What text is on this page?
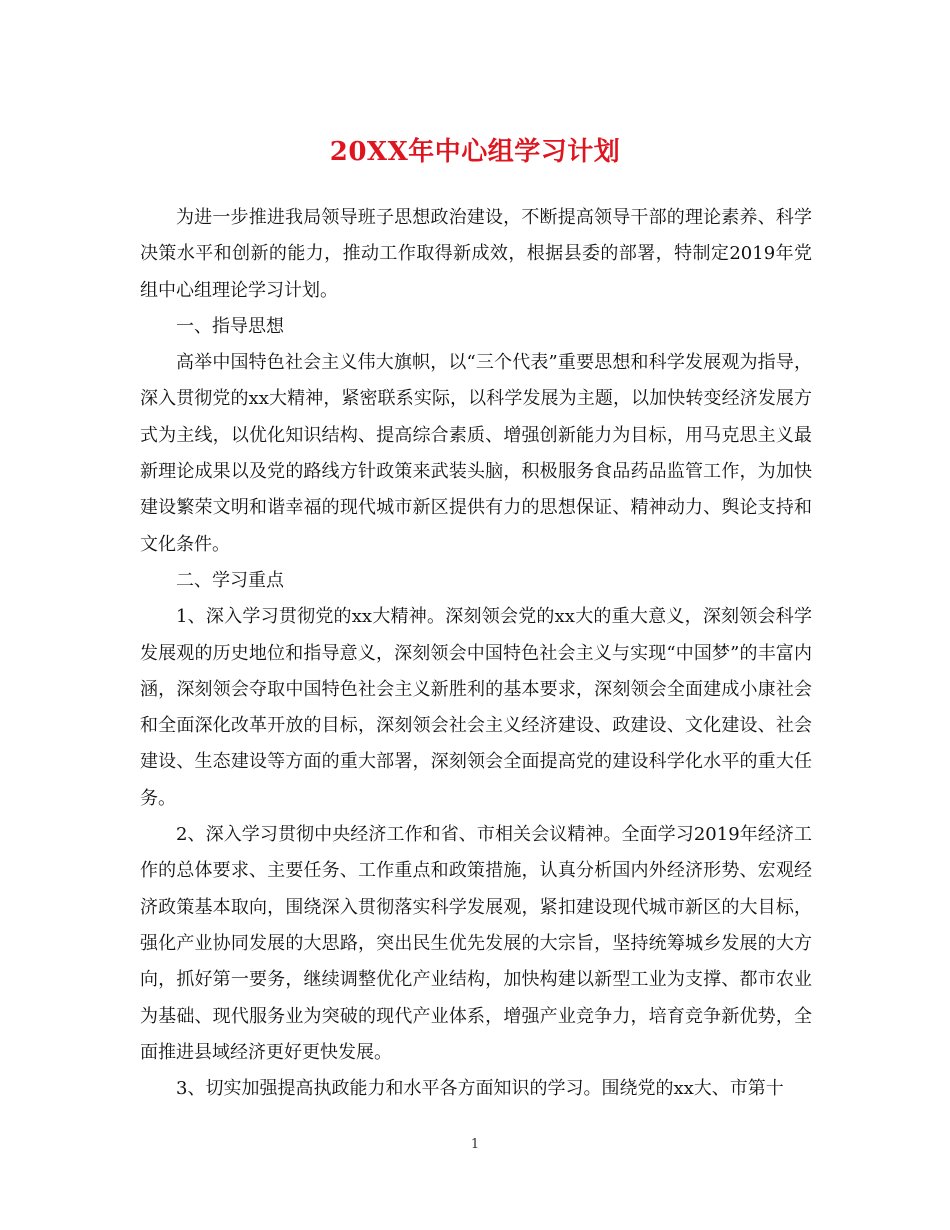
20XX年中心组学习计划

为进一步推进我局领导班子思想政治建设，不断提高领导干部的理论素养、科学决策水平和创新的能力，推动工作取得新成效，根据县委的部署，特制定2019年党组中心组理论学习计划。

一、指导思想

高举中国特色社会主义伟大旗帜，以“三个代表”重要思想和科学发展观为指导，深入贯彻党的xx大精神，紧密联系实际，以科学发展为主题，以加快转变经济发展方式为主线，以优化知识结构、提高综合素质、增强创新能力为目标，用马克思主义最新理论成果以及党的路线方针政策来武装头脑，积极服务食品药品监管工作，为加快建设繁荣文明和谐幸福的现代城市新区提供有力的思想保证、精神动力、舆论支持和文化条件。

二、学习重点

1、深入学习贯彻党的xx大精神。深刻领会党的xx大的重大意义，深刻领会科学发展观的历史地位和指导意义，深刻领会中国特色社会主义与实现“中国梦”的丰富内涵，深刻领会夺取中国特色社会主义新胜利的基本要求，深刻领会全面建成小康社会和全面深化改革开放的目标，深刻领会社会主义经济建设、政建设、文化建设、社会建设、生态建设等方面的重大部署，深刻领会全面提高党的建设科学化水平的重大任务。

2、深入学习贯彻中央经济工作和省、市相关会议精神。全面学习2019年经济工作的总体要求、主要任务、工作重点和政策措施，认真分析国内外经济形势、宏观经济政策基本取向，围绕深入贯彻落实科学发展观，紧扣建设现代城市新区的大目标，强化产业协同发展的大思路，突出民生优先发展的大宗旨，坚持统筹城乡发展的大方向，抓好第一要务，继续调整优化产业结构，加快构建以新型工业为支撑、都市农业为基础、现代服务业为突破的现代产业体系，增强产业竞争力，培育竞争新优势，全面推进县域经济更好更快发展。

3、切实加强提高执政能力和水平各方面知识的学习。围绕党的xx大、市第十

1
